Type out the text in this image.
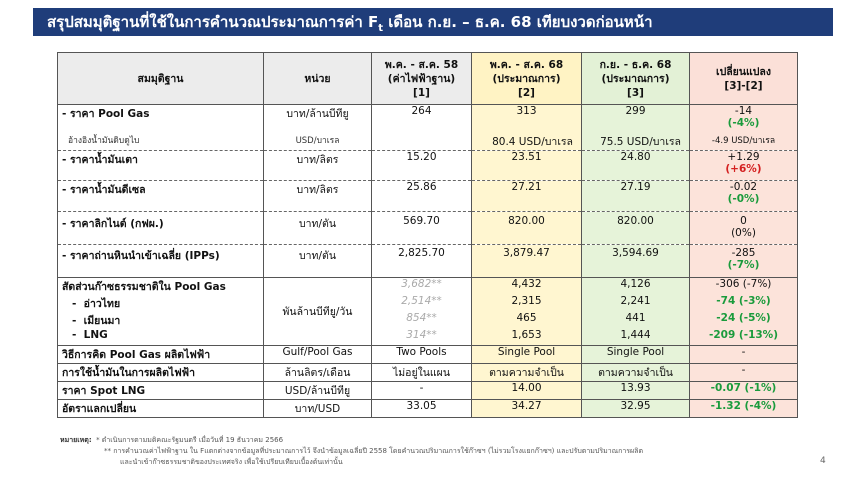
สรุปสมมุติฐานที่ใช้ในการคำนวณประมาณการค่า $F_t$ เดือน ก.ย. – ธ.ค. 68 เทียบงวดก่อนหน้า
สมมุติฐาน	หน่วย	พ.ค. - ส.ค. 58
(ค่าไฟฟ้าฐาน)
[1]	พ.ค. - ส.ค. 68
(ประมาณการ)
[2]	ก.ย. - ธ.ค. 68
(ประมาณการ)
[3]	เปลี่ยนแปลง
[3]-[2]
- ราคา Pool Gas	บาท/ล้านบีทียู	264	313	299	-14
(-4%)
อ้างอิงน้ำมันดิบดูไบ	USD/บาเรล		80.4 USD/บาเรล	75.5 USD/บาเรล	-4.9 USD/บาเรล
- ราคาน้ำมันเตา	บาท/ลิตร	15.20	23.51	24.80	+1.29
(+6%)
- ราคาน้ำมันดีเซล	บาท/ลิตร	25.86	27.21	27.19	-0.02
(-0%)
- ราคาลิกไนต์ (กฟผ.)	บาท/ตัน	569.70	820.00	820.00	0
(0%)
- ราคาถ่านหินนำเข้าเฉลี่ย (IPPs)	บาท/ตัน	2,825.70	3,879.47	3,594.69	-285
(-7%)
สัดส่วนก๊าซธรรมชาติใน Pool Gas	พันล้านบีทียู/วัน	3,682**	4,432	4,126	-306 (-7%)
-  อ่าวไทย		2,514**	2,315	2,241	-74 (-3%)
-  เมียนมา		854**	465	441	-24 (-5%)
-  LNG		314**	1,653	1,444	-209 (-13%)
วิธีการคิด Pool Gas ผลิตไฟฟ้า	Gulf/Pool Gas	Two Pools	Single Pool	Single Pool	-
การใช้น้ำมันในการผลิตไฟฟ้า	ล้านลิตร/เดือน	ไม่อยู่ในแผน	ตามความจำเป็น	ตามความจำเป็น	-
ราคา Spot LNG	USD/ล้านบีทียู	-	14.00	13.93	-0.07 (-1%)
อัตราแลกเปลี่ยน	บาท/USD	33.05	34.27	32.95	-1.32 (-4%)
หมายเหตุ: * ดำเนินการตามมติคณะรัฐมนตรี เมื่อวันที่ 19 ธันวาคม 2566
** การคำนวณค่าไฟฟ้าฐาน ใน Fแตกต่างจากข้อมูลที่ประมาณการไว้ จึงนำข้อมูลเฉลี่ยปี 2558 โดยคำนวณปริมาณการใช้ก๊าซฯ (ไม่รวมโรงแยกก๊าซฯ) และปรับตามปริมาณการผลิต
และนำเข้าก๊าซธรรมชาติของประเทศจริง เพื่อใช้เปรียบเทียบเบื้องต้นเท่านั้น	4
